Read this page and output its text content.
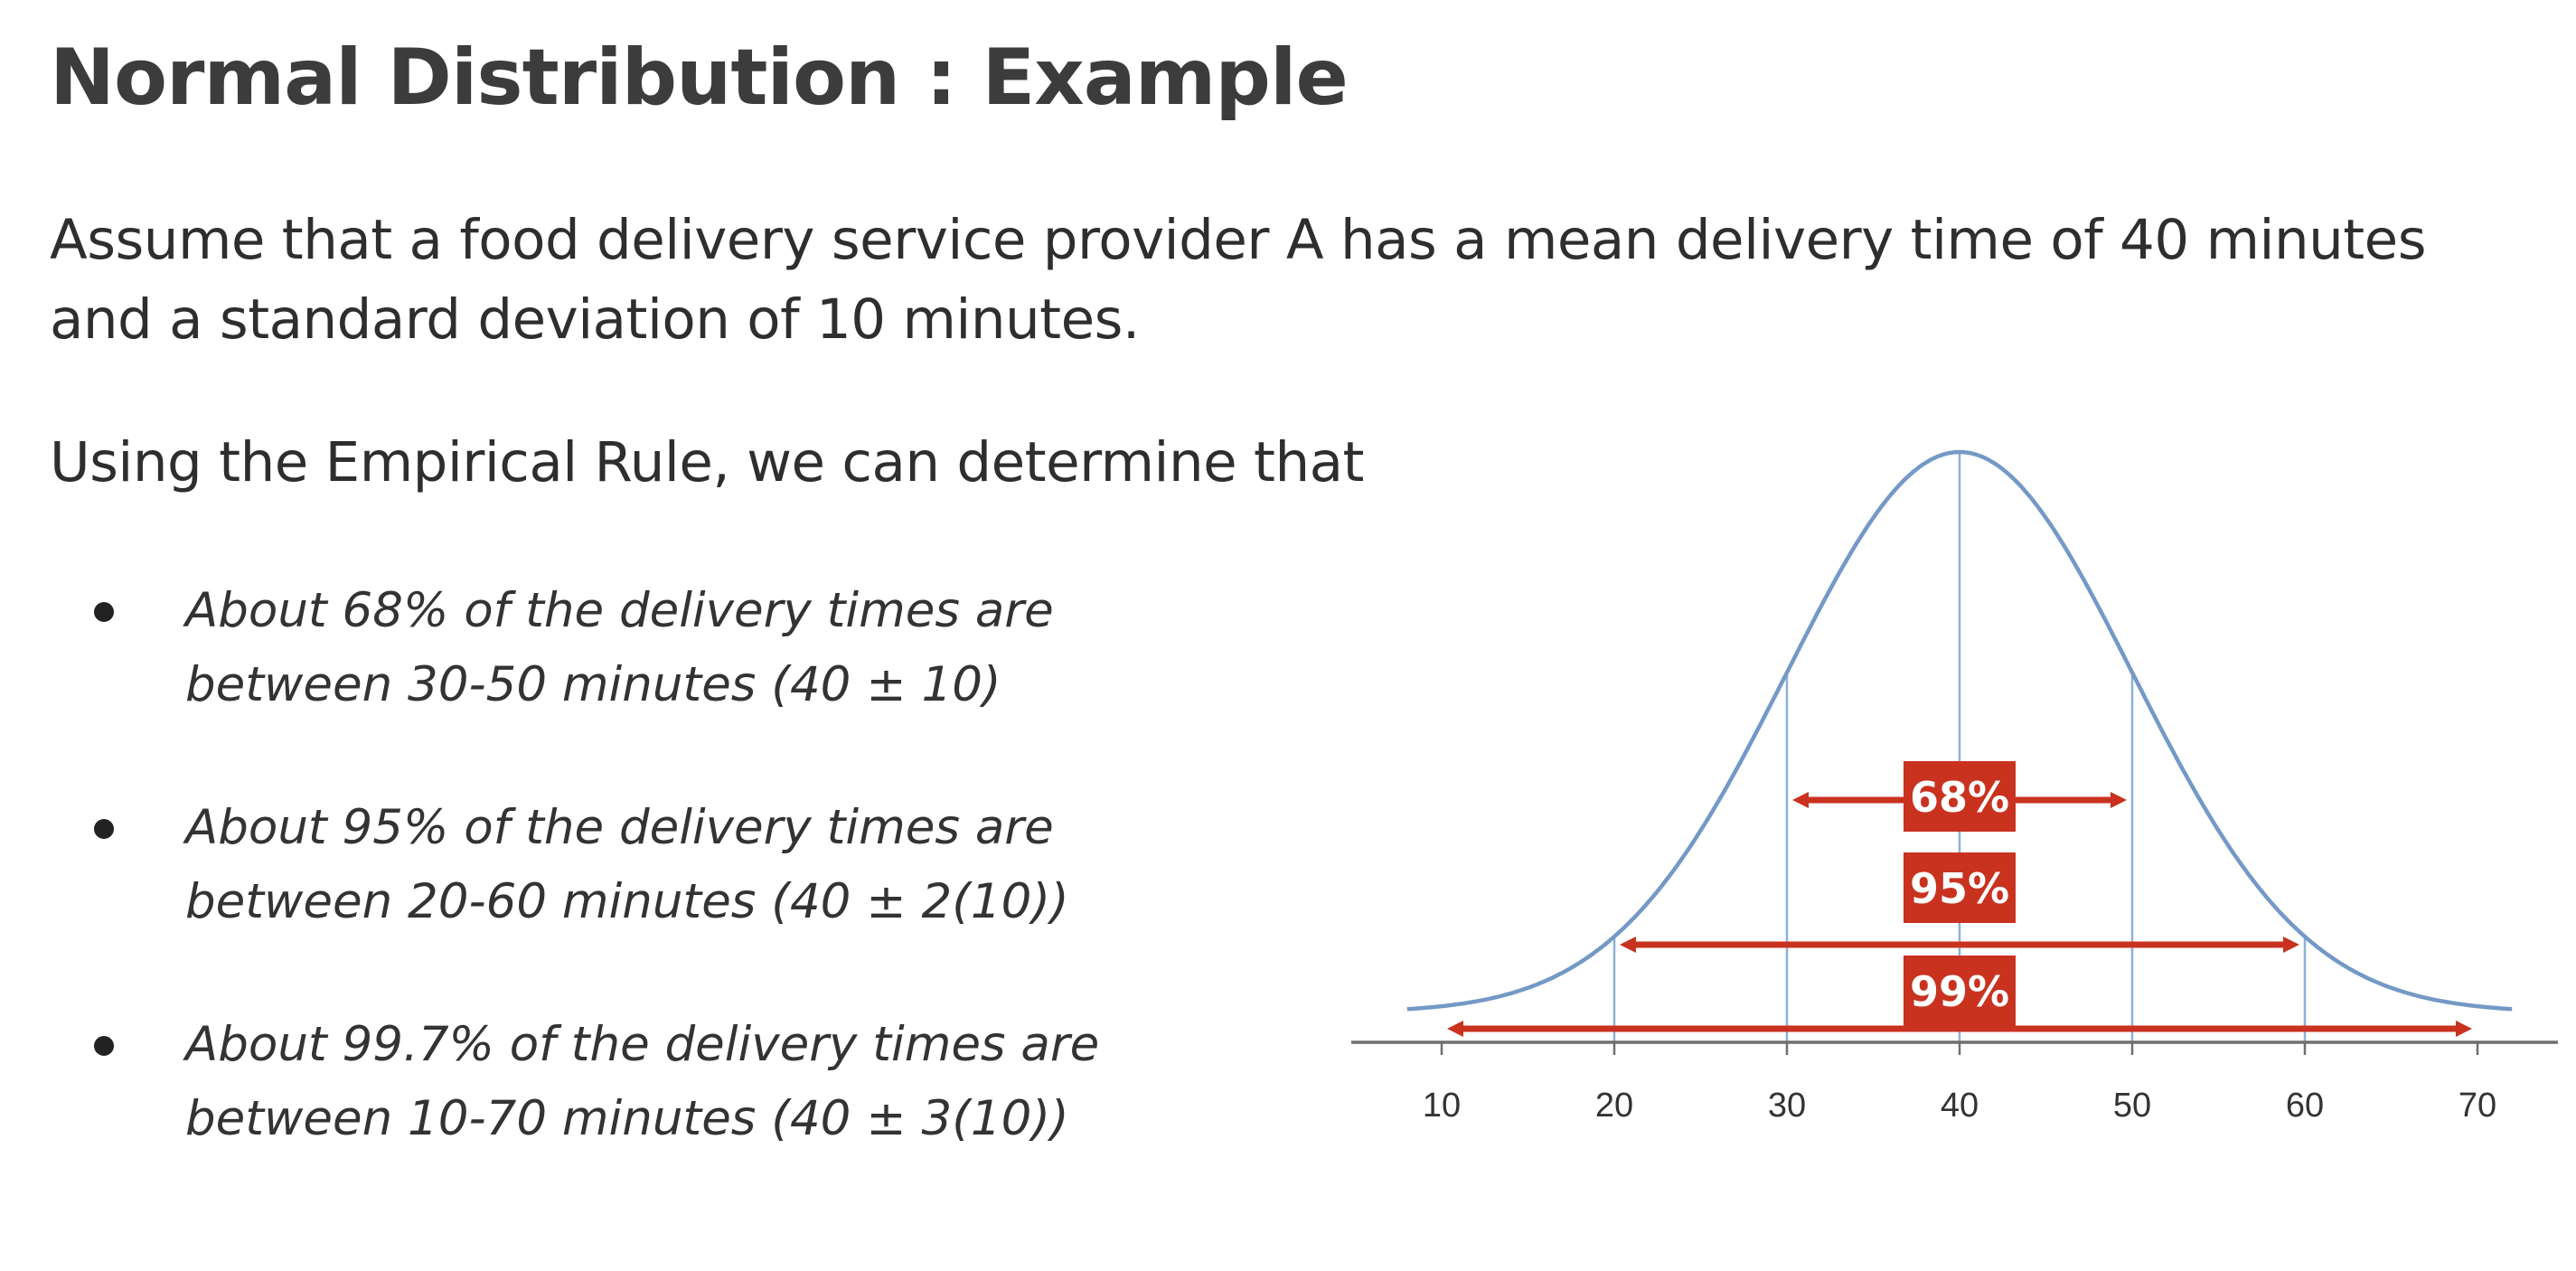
Normal Distribution : Example

Assume that a food delivery service provider A has a mean delivery time of 40 minutes and a standard deviation of 10 minutes.

Using the Empirical Rule, we can determine that

About 68% of the delivery times are
between 30-50 minutes (40 ± 10)
About 95% of the delivery times are
between 20-60 minutes (40 ± 2(10))
About 99.7% of the delivery times are
between 10-70 minutes (40 ± 3(10))	10	20	30	40	50	60	70
68%
95%
99%
